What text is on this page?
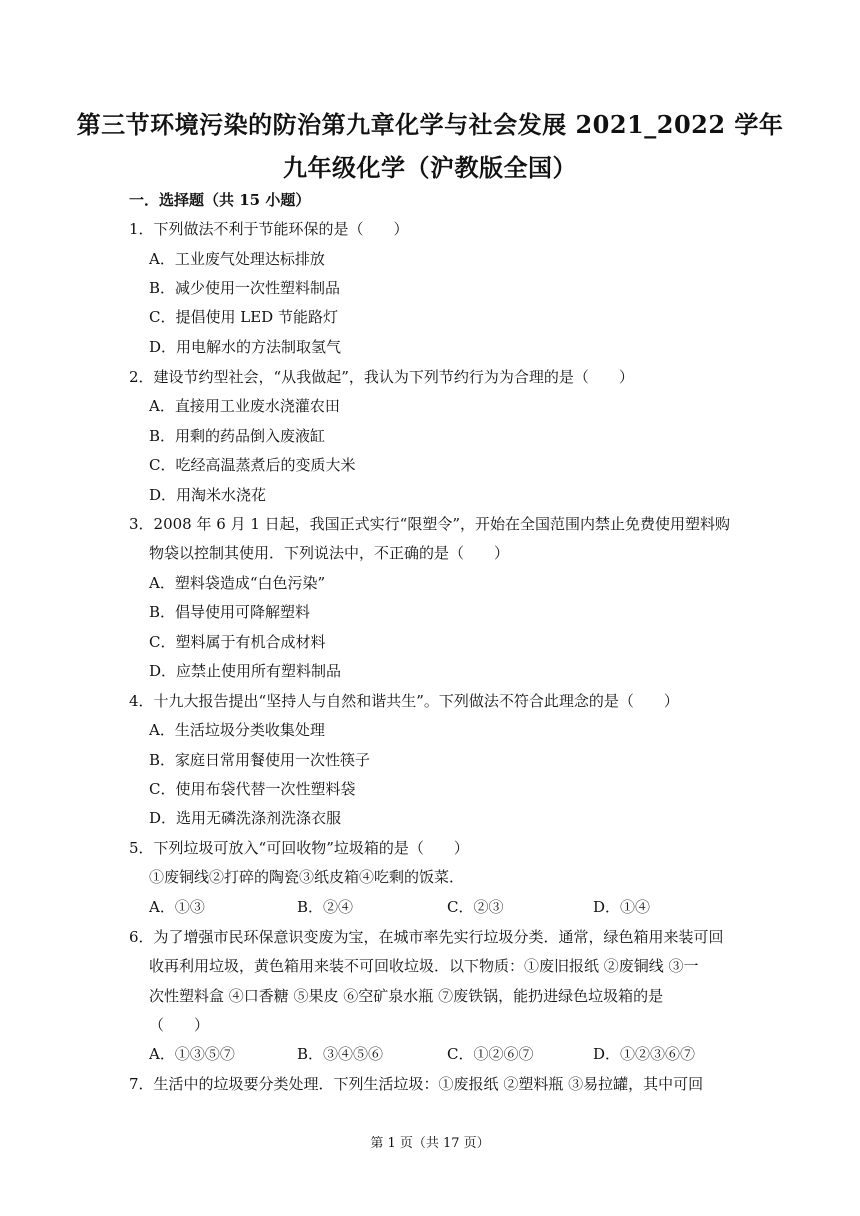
第三节环境污染的防治第九章化学与社会发展 2021_2022 学年
九年级化学（沪教版全国）
一．选择题（共 15 小题）
1．下列做法不利于节能环保的是（　　）
A．工业废气处理达标排放
B．减少使用一次性塑料制品
C．提倡使用 LED 节能路灯
D．用电解水的方法制取氢气
2．建设节约型社会，“从我做起”，我认为下列节约行为为合理的是（　　）
A．直接用工业废水浇灌农田
B．用剩的药品倒入废液缸
C．吃经高温蒸煮后的变质大米
D．用淘米水浇花
3．2008 年 6 月 1 日起，我国正式实行“限塑令”，开始在全国范围内禁止免费使用塑料购
物袋以控制其使用．下列说法中，不正确的是（　　）
A．塑料袋造成“白色污染”
B．倡导使用可降解塑料
C．塑料属于有机合成材料
D．应禁止使用所有塑料制品
4．十九大报告提出“坚持人与自然和谐共生”。下列做法不符合此理念的是（　　）
A．生活垃圾分类收集处理
B．家庭日常用餐使用一次性筷子
C．使用布袋代替一次性塑料袋
D．选用无磷洗涤剂洗涤衣服
5．下列垃圾可放入“可回收物”垃圾箱的是（　　）
①废铜线②打碎的陶瓷③纸皮箱④吃剩的饭菜．
A．①③	B．②④	C．②③	D．①④
6．为了增强市民环保意识变废为宝，在城市率先实行垃圾分类．通常，绿色箱用来装可回
收再利用垃圾，黄色箱用来装不可回收垃圾．以下物质：①废旧报纸 ②废铜线 ③一
次性塑料盒 ④口香糖 ⑤果皮 ⑥空矿泉水瓶 ⑦废铁锅，能扔进绿色垃圾箱的是
（　　）
A．①③⑤⑦	B．③④⑤⑥	C．①②⑥⑦	D．①②③⑥⑦
7．生活中的垃圾要分类处理．下列生活垃圾：①废报纸 ②塑料瓶 ③易拉罐，其中可回
第 1 页（共 17 页）
